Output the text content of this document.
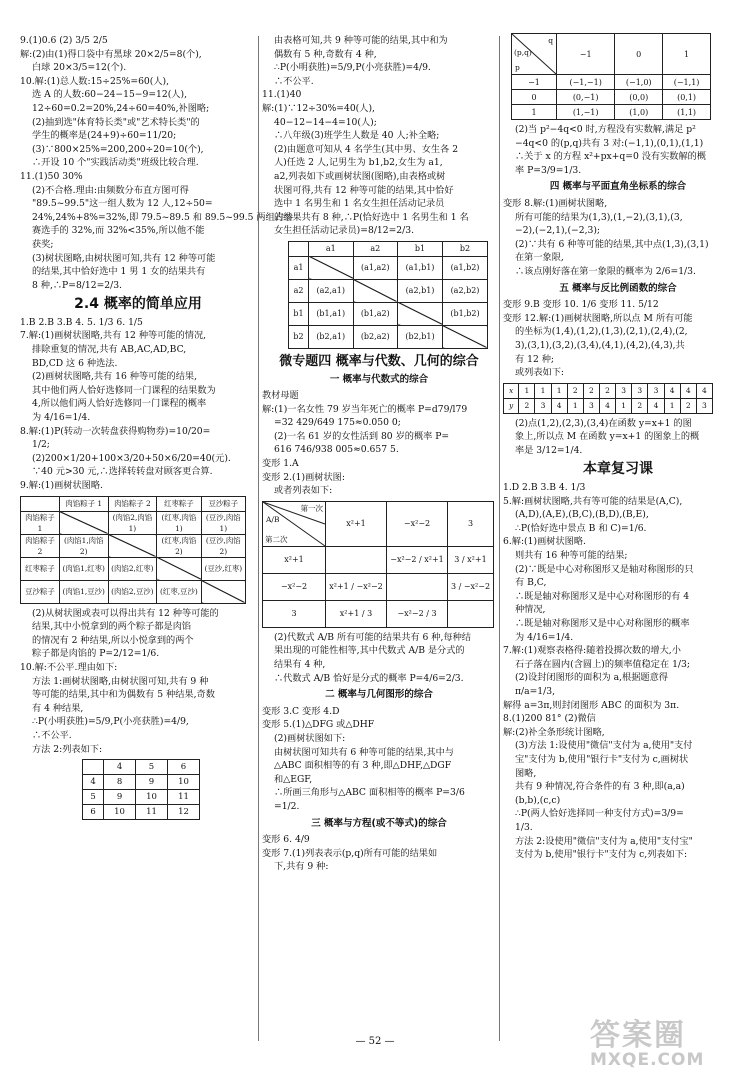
9.(1)0.6 (2) 3/5 2/5
解:(2)由(1)得口袋中有黑球 20×2/5=8(个),
白球 20×3/5=12(个).
10.解:(1)总人数:15÷25%=60(人),
选 A 的人数:60−24−15−9=12(人),
12÷60=0.2=20%,24÷60=40%,补图略;
(2)抽到选"体育特长类"或"艺术特长类"的
学生的概率是(24+9)÷60=11/20;
(3)∵800×25%=200,200÷20=10(个),
∴开设 10 个"实践活动类"班级比较合理.
11.(1)50 30%
(2)不合格.理由:由频数分布直方图可得
"89.5~99.5"这一组人数为 12 人,12÷50=
24%,24%+8%=32%,即 79.5~89.5 和 89.5~99.5 两组占参
赛选手的 32%,而 32%<35%,所以他不能
获奖;
(3)树状图略,由树状图可知,共有 12 种等可能
的结果,其中恰好选中 1 男 1 女的结果共有
8 种,∴P=8/12=2/3.
2.4 概率的简单应用
1.B 2.B 3.B 4. 5. 1/3 6. 1/5
7.解:(1)画树状图略,共有 12 种等可能的情况,
排除重复的情况,共有 AB,AC,AD,BC,
BD,CD 这 6 种选法.
(2)画树状图略,共有 16 种等可能的结果,
其中他们两人恰好选修同一门课程的结果数为
4,所以他们两人恰好选修同一门课程的概率
为 4/16=1/4.
8.解:(1)P(转动一次转盘获得购物券)=10/20=
1/2;
(2)200×1/20+100×3/20+50×6/20=40(元).
∵40 元>30 元,∴选择转转盘对顾客更合算.
9.解:(1)画树状图略.
	肉馅粽子 1	肉馅粽子 2	红枣粽子	豆沙粽子
肉馅粽子 1		(肉馅2,肉馅1)	(红枣,肉馅1)	(豆沙,肉馅1)
肉馅粽子 2	(肉馅1,肉馅2)		(红枣,肉馅2)	(豆沙,肉馅2)
红枣粽子	(肉馅1,红枣)	(肉馅2,红枣)		(豆沙,红枣)
豆沙粽子	(肉馅1,豆沙)	(肉馅2,豆沙)	(红枣,豆沙)	
(2)从树状图或表可以得出共有 12 种等可能的
结果,其中小悦拿到的两个粽子都是肉馅
的情况有 2 种结果,所以小悦拿到的两个
粽子都是肉馅的 P=2/12=1/6.
10.解:不公平.理由如下:
方法 1:画树状图略,由树状图可知,共有 9 种
等可能的结果,其中和为偶数有 5 种结果,奇数
有 4 种结果,
∴P(小明获胜)=5/9,P(小亮获胜)=4/9,
∴不公平.
方法 2:列表如下:
	4	5	6
4	8	9	10
5	9	10	11
6	10	11	12
由表格可知,共 9 种等可能的结果,其中和为
偶数有 5 种,奇数有 4 种,
∴P(小明获胜)=5/9,P(小亮获胜)=4/9.
∴不公平.
11.(1)40
解:(1)∵12÷30%=40(人),
40−12−14−4=10(人);
∴八年级(3)班学生人数是 40 人;补全略;
(2)由题意可知从 4 名学生(其中男、女生各 2
人)任选 2 人,记男生为 b1,b2,女生为 a1,
a2,列表如下或画树状图(图略),由表格或树
状图可得,共有 12 种等可能的结果,其中恰好
选中 1 名男生和 1 名女生担任活动记录员
的结果共有 8 种,∴P(恰好选中 1 名男生和 1 名
女生担任活动记录员)=8/12=2/3.
	a1	a2	b1	b2
a1		(a1,a2)	(a1,b1)	(a1,b2)
a2	(a2,a1)		(a2,b1)	(a2,b2)
b1	(b1,a1)	(b1,a2)		(b1,b2)
b2	(b2,a1)	(b2,a2)	(b2,b1)	
微专题四 概率与代数、几何的综合
一 概率与代数式的综合
教材母题
解:(1)一名女性 79 岁当年死亡的概率 P=d79/l79
=32 429/649 175≈0.050 0;
(2)一名 61 岁的女性活到 80 岁的概率 P=
616 746/938 005≈0.657 5.
变形 1.A
变形 2.(1)画树状图:
或者列表如下:
第一次
A/B
第二次	x²+1	−x²−2	3
x²+1		−x²−2 / x²+1	3 / x²+1
−x²−2	x²+1 / −x²−2		3 / −x²−2
3	x²+1 / 3	−x²−2 / 3	
(2)代数式 A/B 所有可能的结果共有 6 种,每种结
果出现的可能性相等,其中代数式 A/B 是分式的
结果有 4 种,
∴代数式 A/B 恰好是分式的概率 P=4/6=2/3.
二 概率与几何图形的综合
变形 3.C 变形 4.D
变形 5.(1)△DFG 或△DHF
(2)画树状图如下:
由树状图可知共有 6 种等可能的结果,其中与
△ABC 面积相等的有 3 种,即△DHF,△DGF
和△EGF,
∴所画三角形与△ABC 面积相等的概率 P=3/6
=1/2.
三 概率与方程(或不等式)的综合
变形 6. 4/9
变形 7.(1)列表表示(p,q)所有可能的结果如
下,共有 9 种:
q
(p,q)
p	−1	0	1
−1	(−1,−1)	(−1,0)	(−1,1)
0	(0,−1)	(0,0)	(0,1)
1	(1,−1)	(1,0)	(1,1)
(2)当 p²−4q<0 时,方程没有实数解,满足 p²
−4q<0 的(p,q)共有 3 对:(−1,1),(0,1),(1,1)
∴关于 x 的方程 x²+px+q=0 没有实数解的概
率 P=3/9=1/3.
四 概率与平面直角坐标系的综合
变形 8.解:(1)画树状图略,
所有可能的结果为(1,3),(1,−2),(3,1),(3,
−2),(−2,1),(−2,3);
(2)∵共有 6 种等可能的结果,其中点(1,3),(3,1)
在第一象限,
∴该点刚好落在第一象限的概率为 2/6=1/3.
五 概率与反比例函数的综合
变形 9.B 变形 10. 1/6 变形 11. 5/12
变形 12.解:(1)画树状图略,所以点 M 所有可能
的坐标为(1,4),(1,2),(1,3),(2,1),(2,4),(2,
3),(3,1),(3,2),(3,4),(4,1),(4,2),(4,3),共
有 12 种;
或列表如下:
x	1	1	1	2	2	2	3	3	3	4	4	4
y	2	3	4	1	3	4	1	2	4	1	2	3
(2)点(1,2),(2,3),(3,4)在函数 y=x+1 的图
象上,所以点 M 在函数 y=x+1 的图象上的概
率是 3/12=1/4.
本章复习课
1.D 2.B 3.B 4. 1/3
5.解:画树状图略,共有等可能的结果是(A,C),
(A,D),(A,E),(B,C),(B,D),(B,E),
∴P(恰好选中景点 B 和 C)=1/6.
6.解:(1)画树状图略.
则共有 16 种等可能的结果;
(2)∵既是中心对称图形又是轴对称图形的只
有 B,C,
∴既是轴对称图形又是中心对称图形的有 4
种情况,
∴既是轴对称图形又是中心对称图形的概率
为 4/16=1/4.
7.解:(1)观察表格得:随着投掷次数的增大,小
石子落在圆内(含圆上)的频率值稳定在 1/3;
(2)设封闭图形的面积为 a,根据题意得
π/a=1/3,
解得 a=3π,则封闭图形 ABC 的面积为 3π.
8.(1)200 81° (2)微信
解:(2)补全条形统计图略,
(3)方法 1:设使用"微信"支付为 a,使用"支付
宝"支付为 b,使用"银行卡"支付为 c,画树状
图略,
共有 9 种情况,符合条件的有 3 种,即(a,a)
(b,b),(c,c)
∴P(两人恰好选择同一种支付方式)=3/9=
1/3.
方法 2:设使用"微信"支付为 a,使用"支付宝"
支付为 b,使用"银行卡"支付为 c,列表如下:
— 52 —	答案圈
MXQE.COM
